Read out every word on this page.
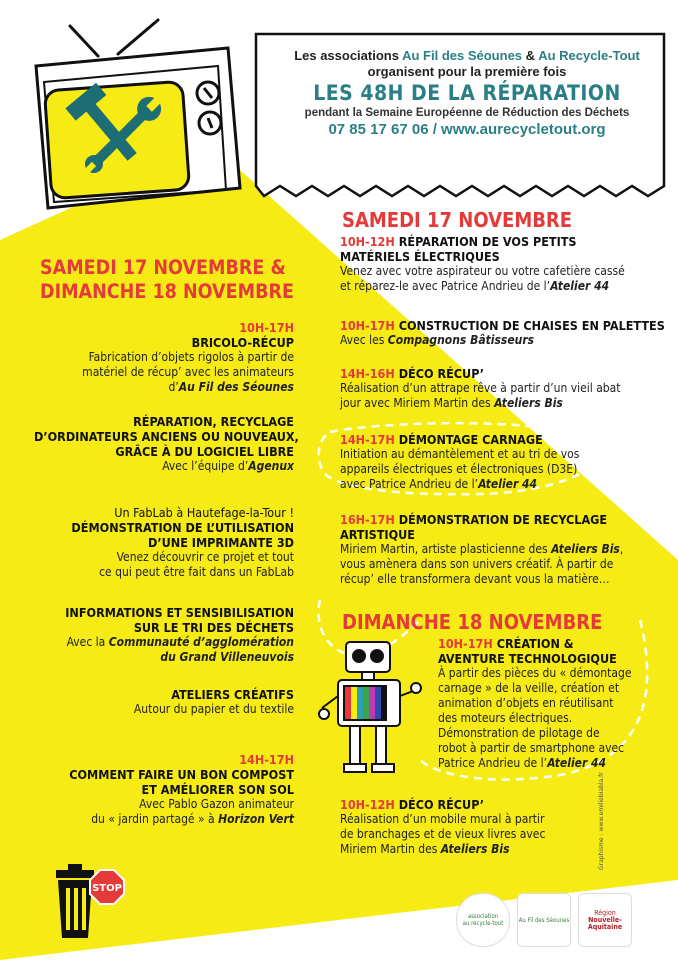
Les associations Au Fil des Séounes & Au Recycle-Tout
organisent pour la première fois
LES 48H DE LA RÉPARATION
pendant la Semaine Européenne de Réduction des Déchets
07 85 17 67 06 / www.aurecycletout.org
SAMEDI 17 NOVEMBRE &
DIMANCHE 18 NOVEMBRE
10H-17H
BRICOLO-RÉCUP
Fabrication d’objets rigolos à partir de
matériel de récup’ avec les animateurs
d’Au Fil des Séounes
RÉPARATION, RECYCLAGE
D’ORDINATEURS ANCIENS OU NOUVEAUX,
GRÂCE À DU LOGICIEL LIBRE
Avec l’équipe d’Agenux
Un FabLab à Hautefage-la-Tour !
DÉMONSTRATION DE L’UTILISATION
D’UNE IMPRIMANTE 3D
Venez découvrir ce projet et tout
ce qui peut être fait dans un FabLab
INFORMATIONS ET SENSIBILISATION
SUR LE TRI DES DÉCHETS
Avec la Communauté d’agglomération
du Grand Villeneuvois
ATELIERS CRÉATIFS
Autour du papier et du textile
14H-17H
COMMENT FAIRE UN BON COMPOST
ET AMÉLIORER SON SOL
Avec Pablo Gazon animateur
du « jardin partagé » à Horizon Vert
SAMEDI 17 NOVEMBRE
10H-12H RÉPARATION DE VOS PETITS
MATÉRIELS ÉLECTRIQUES
Venez avec votre aspirateur ou votre cafetière cassé
et réparez-le avec Patrice Andrieu de l’Atelier 44
10H-17H CONSTRUCTION DE CHAISES EN PALETTES
Avec les Compagnons Bâtisseurs
14H-16H DÉCO RÉCUP’
Réalisation d’un attrape rêve à partir d’un vieil abat
jour avec Miriem Martin des Ateliers Bis
14H-17H DÉMONTAGE CARNAGE
Initiation au démantèlement et au tri de vos
appareils électriques et électroniques (D3E)
avec Patrice Andrieu de l’Atelier 44
16H-17H DÉMONSTRATION DE RECYCLAGE
ARTISTIQUE
Miriem Martin, artiste plasticienne des Ateliers Bis,
vous amènera dans son univers créatif. À partir de
récup’ elle transformera devant vous la matière…
DIMANCHE 18 NOVEMBRE
10H-17H CRÉATION &
AVENTURE TECHNOLOGIQUE
À partir des pièces du « démontage
carnage » de la veille, création et
animation d’objets en réutilisant
des moteurs électriques.
Démonstration de pilotage de
robot à partir de smartphone avec
Patrice Andrieu de l’Atelier 44
10H-12H DÉCO RÉCUP’
Réalisation d’un mobile mural à partir
de branchages et de vieux livres avec
Miriem Martin des Ateliers Bis
STOP
association
au recycle-tout	Au Fil des Séounes
Région
Nouvelle-
Aquitaine
Graphisme : www.emiliebiabla.fr
